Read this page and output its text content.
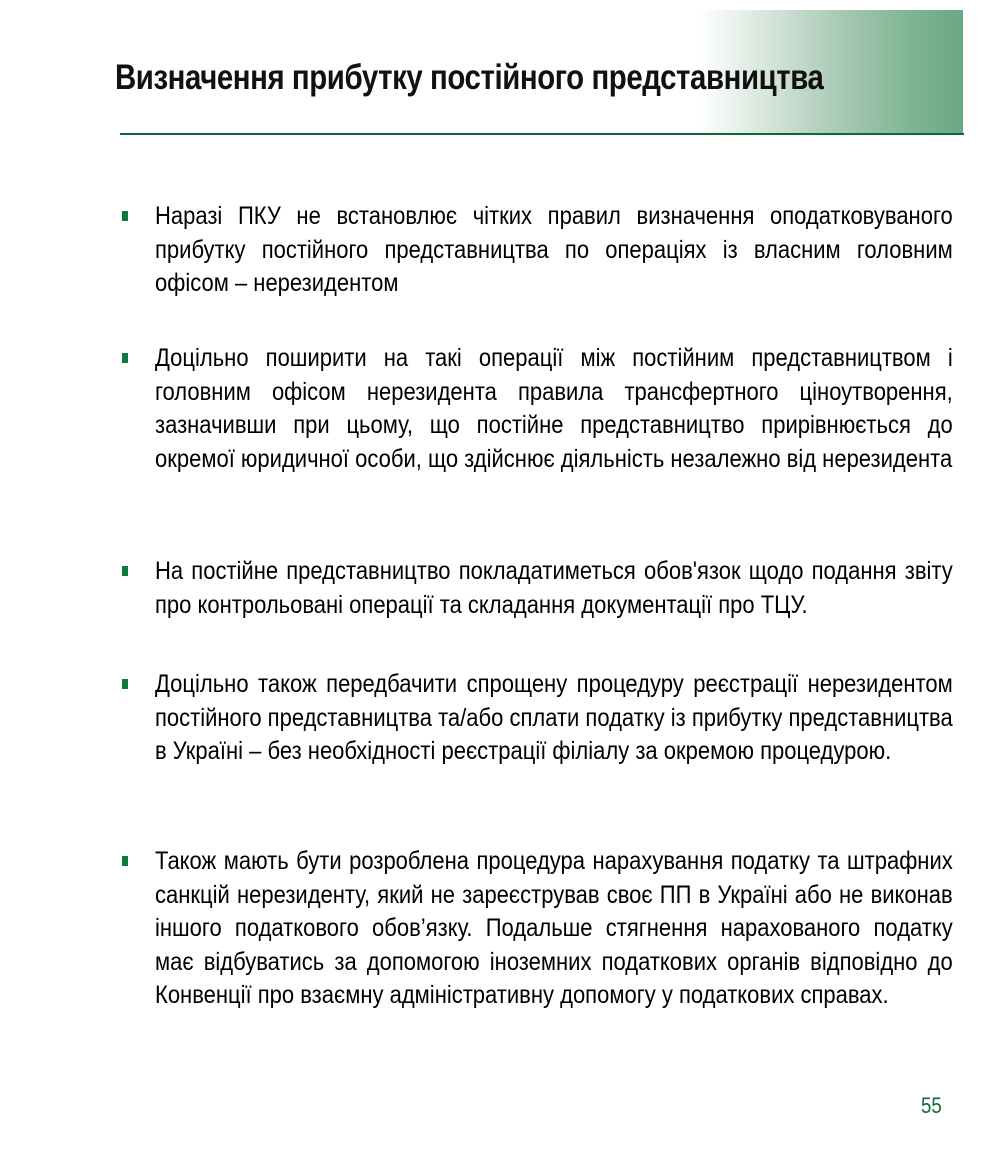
Визначення прибутку постійного представництва
Наразі ПКУ не встановлює чітких правил визначення оподатковуваного прибутку постійного представництва по операціях із власним головним офісом – нерезидентом
Доцільно поширити на такі операції між постійним представництвом і головним офісом нерезидента правила трансфертного ціноутворення, зазначивши при цьому, що постійне представництво прирівнюється до окремої юридичної особи, що здійснює діяльність незалежно від нерезидента
На постійне представництво покладатиметься обов'язок щодо подання звіту про контрольовані операції та складання документації про ТЦУ.
Доцільно також передбачити спрощену процедуру реєстрації нерезидентом постійного представництва та/або сплати податку із прибутку представництва в Україні – без необхідності реєстрації філіалу за окремою процедурою.
Також мають бути розроблена процедура нарахування податку та штрафних санкцій нерезиденту, який не зареєстрував своє ПП в Україні або не виконав іншого податкового обов’язку. Подальше стягнення нарахованого податку має відбуватись за допомогою іноземних податкових органів відповідно до Конвенції про взаємну адміністративну допомогу у податкових справах.
55
